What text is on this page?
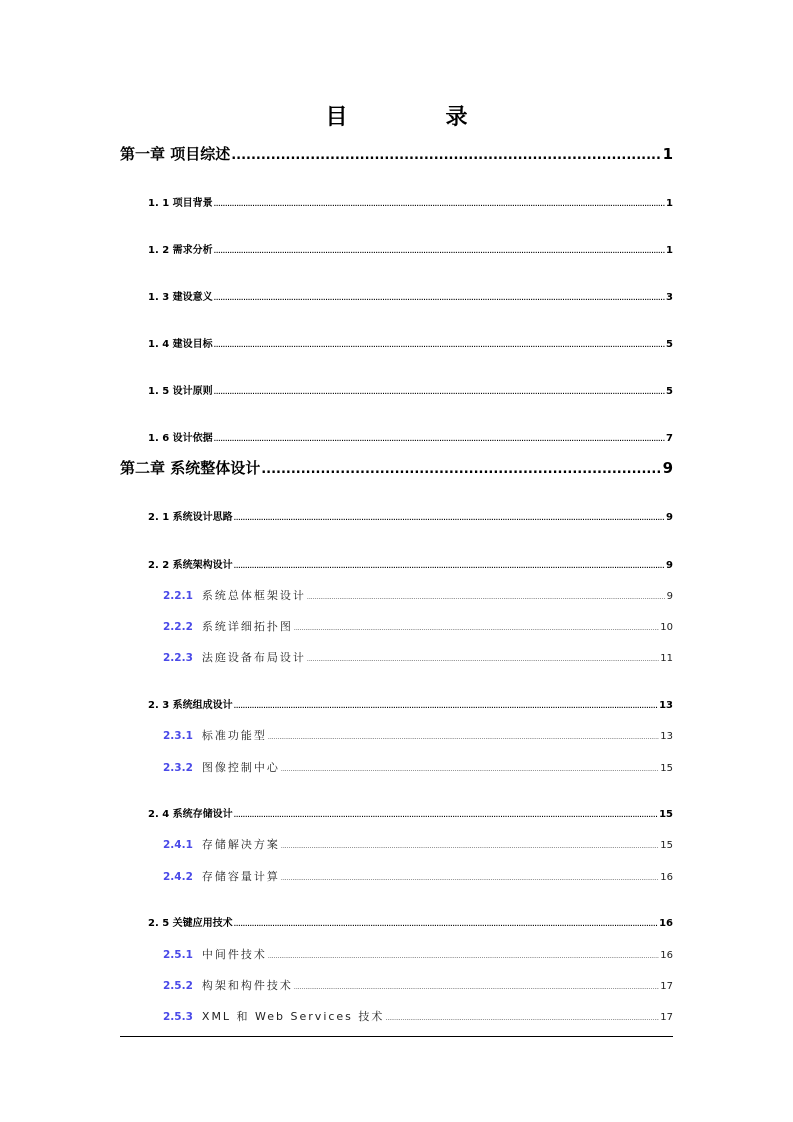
目　录
第一章 项目综述 .....	1
1. 1 项目背景 .....	1
1. 2 需求分析 .....	1
1. 3 建设意义 .....	3
1. 4 建设目标 .....	5
1. 5 设计原则 .....	5
1. 6 设计依据 .....	7
第二章 系统整体设计 .....	9
2. 1 系统设计思路 .....	9
2. 2 系统架构设计 .....	9
2.2.1 系统总体框架设计 .....	9
2.2.2 系统详细拓扑图 .....	10
2.2.3 法庭设备布局设计 .....	11
2. 3 系统组成设计 .....	13
2.3.1 标准功能型 .....	13
2.3.2 图像控制中心 .....	15
2. 4 系统存储设计 .....	15
2.4.1 存储解决方案 .....	15
2.4.2 存储容量计算 .....	16
2. 5 关键应用技术 .....	16
2.5.1 中间件技术 .....	16
2.5.2 构架和构件技术 .....	17
2.5.3 XML 和 Web Services 技术 .....	17
